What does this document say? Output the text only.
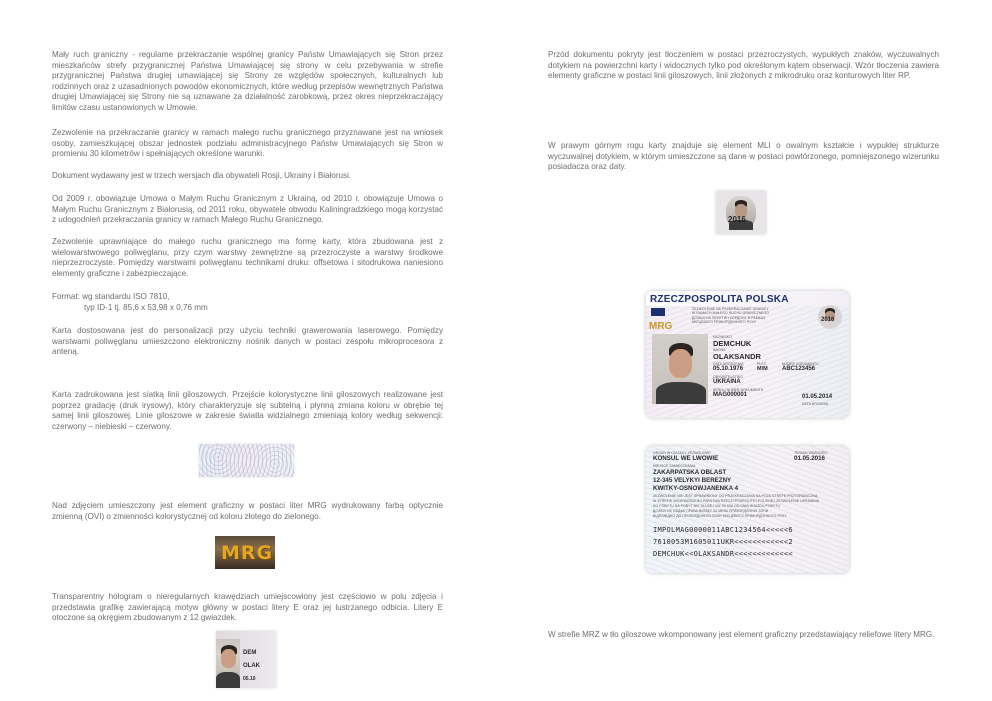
Mały ruch graniczny - regularne przekraczanie wspólnej granicy Państw Umawiających się Stron przez mieszkańców strefy przygranicznej Państwa Umawiającej się strony w celu przebywania w strefie przygranicznej Państwa drugiej umawiającej się Strony ze względów społecznych, kulturalnych lub rodzinnych oraz z uzasadnionych powodów ekonomicznych, które według przepisów wewnętrznych Państwa drugiej Umawiającej się Strony nie są uznawane za działalność zarobkową, przez okres nieprzekraczający limitów czasu ustanowionych w Umowie.

Zezwolenie na przekraczanie granicy w ramach małego ruchu granicznego przyznawane jest na wniosek osoby, zamieszkującej obszar jednostek podziału administracyjnego Państw Umawiających się Stron w promieniu 30 kilometrów i spełniających określone warunki.

Dokument wydawany jest w trzech wersjach dla obywateli Rosji, Ukrainy i Białorusi.

Od 2009 r. obowiązuje Umowa o Małym Ruchu Granicznym z Ukrainą, od 2010 r. obowiązuje Umowa o Małym Ruchu Granicznym z Białorusią, od 2011 roku, obywatele obwodu Kaliningradzkiego mogą korzystać z udogodnień przekraczania granicy w ramach Małego Ruchu Granicznego.

Zezwolenie uprawniające do małego ruchu granicznego ma formę karty, która zbudowana jest z wielowarstwowego poliwęglanu, przy czym warstwy zewnętrzne są przezroczyste a warstwy środkowe nieprzezroczyste. Pomiędzy warstwami poliwęglanu technikami druku: offsetowa i sitodrukowa naniesiono elementy graficzne i zabezpieczające.

Format: wg standardu ISO 7810,

typ ID-1 tj. 85,6 x 53,98 x 0,76 mm

Karta dostosowana jest do personalizacji przy użyciu techniki grawerowania laserowego. Pomiędzy warstwami poliwęglanu umieszczono elektroniczny nośnik danych w postaci zespołu mikroprocesora z anteną.

Karta zadrukowana jest siatką linii giloszowych. Przejście kolorystyczne linii giloszowych realizowane jest poprzez gradację (druk irysowy), który charakteryzuje się subtelną i płynną zmiana koloru w obrębie tej samej linii giloszowej. Linie giloszowe w zakresie światła widzialnego zmieniają kolory według sekwencji: czerwony – niebieski – czerwony.

Nad zdjęciem umieszczony jest element graficzny w postaci liter MRG wydrukowany farbą optycznie zmienną (OVI) o zmienności kolorystycznej od koloru złotego do zielonego.

MRG

Transparentny hologram o nieregularnych krawędziach umiejscowiony jest częściowo w polu zdjęcia i przedstawia grafikę zawierającą motyw główny w postaci litery E oraz jej lustrzanego odbicia. Litery E otoczone są okręgiem zbudowanym z 12 gwiazdek.

DEM
OLAK
05.10

Przód dokumentu pokryty jest tłoczeniem w postaci przezroczystych, wypukłych znaków, wyczuwalnych dotykiem na powierzchni karty i widocznych tylko pod określonym kątem obserwacji. Wzór tłoczenia zawiera elementy graficzne w postaci linii giloszowych, linii złożonych z mikrodruku oraz konturowych liter RP.

W prawym górnym rogu karty znajduje się element MLI o owalnym kształcie i wypukłej strukturze wyczuwalnej dotykiem, w którym umieszczone są dane w postaci powtórzonego, pomniejszonego wizerunku posiadacza oraz daty.

2016
RZECZPOSPOLITA POLSKA
ZEZWOLENIE NA PRZEKRACZANIE GRANICY
W RAMACH MAŁEGO RUCHU GRANICZNEGO
ДОЗВІЛ НА ПЕРЕТИН КОРДОНУ В РАМКАХ
МІСЦЕВОГО ПРИКОРДОННОГО РУХУ
MRG
2016
NAZWISKO
DEMCHUK
IMIONA
OLAKSANDR
DATA URODZENIA
05.10.1976
PŁEĆ
M/M
NUMER DOKUMENTU
ABC123456
OBYWATELSTWO
UKRAINA
SERIA I NUMER DOKUMENTU
MAG000001	01.05.2014
DATA WYDANIA
ORGAN WYDAJĄCY ZEZWOLENIE
KONSUL WE LWOWIE
TERMIN WAŻNOŚCI
01.05.2016
MIEJSCE ZAMIESZKANIA
ZAKARPATSKA OBLAST
12-345 VELYKYI BEREZNY
KWITKY-OSNOWJANENKA 4
ZEZWOLENIE NIE JEST UPRAWNIONY DO PRZEKRACZANIA NA POZA STREFĘ PRZYGRANICZNĄ
W STREFIE WOJEWÓDZKIEJ PAŃSTWA RZECZYPOSPOLITEJ POLSKIEJ ZEZWOLENIE UPRAWNIA
DO POBYTU NA POBYT NIE DŁUŻEJ NIŻ 90 DNI OD DNIA WJAZDU POBYTU
ДОЗВІЛ НЕ НАДАЄ ПРАВА ВИЇЗДУ ЗА МЕЖІ ПРИКОРДОННОЇ ЗОНИ
ВІДПОВІДНО ДО ПРИКОРДОННОЇ ЗОНИ МІСЦЕВОГО ПРИКОРДОННОГО РУХУ
IMPOLMAG0000011ABC1234564<<<<<6
7610053M1605011UKR<<<<<<<<<<<<2
DEMCHUK<<OLAKSANDR<<<<<<<<<<<<<

W strefie MRZ w tło giloszowe wkomponowany jest element graficzny przedstawiający reliefowe litery MRG.
